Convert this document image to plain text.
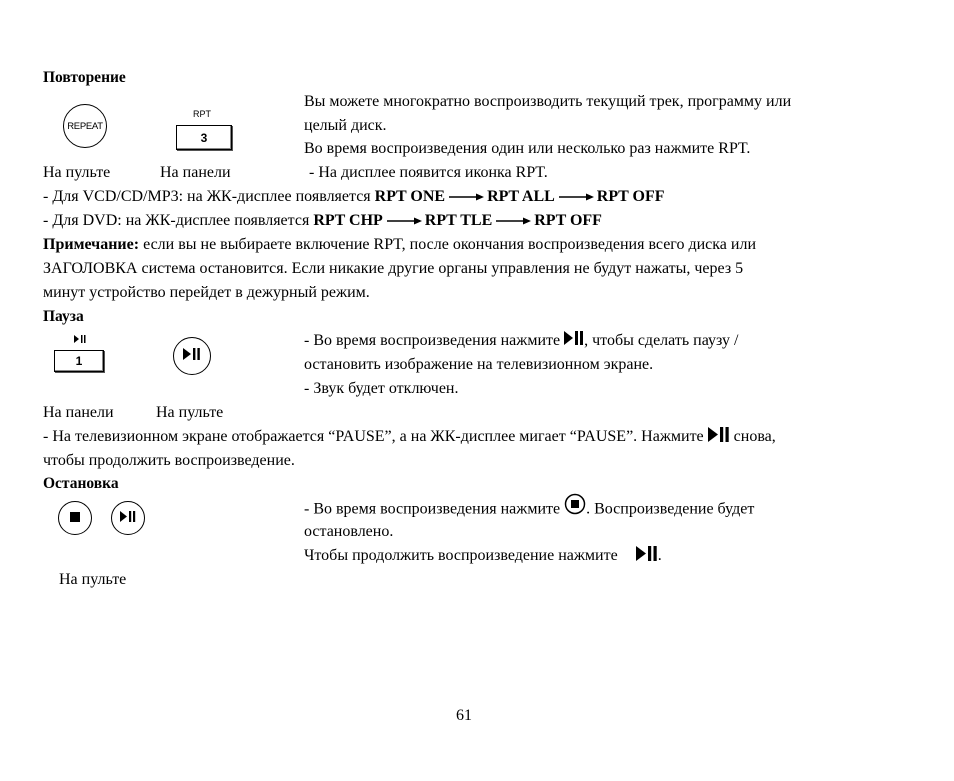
Повторение
REPEAT
RPT
3
Вы можете многократно воспроизводить текущий трек, программу или
целый диск.
Во время воспроизведения один или несколько раз нажмите RPT.
На пульте	На панели	- На дисплее появится иконка RPT.
- Для VCD/CD/MP3: на ЖК-дисплее появляется RPT ONE	RPT ALL	RPT OFF
- Для DVD: на ЖК-дисплее появляется RPT CHP	RPT TLE	RPT OFF
Примечание: если вы не выбираете включение RPT, после окончания воспроизведения всего диска или
ЗАГОЛОВКА система остановится. Если никакие другие органы управления не будут нажаты, через 5
минут устройство перейдет в дежурный режим.
Пауза
1
- Во время воспроизведения нажмите , чтобы сделать паузу /
остановить изображение на телевизионном экране.
- Звук будет отключен.
На панели	На пульте
- На телевизионном экране отображается “PAUSE”, а на ЖК-дисплее мигает “PAUSE”. Нажмите  снова,
чтобы продолжить воспроизведение.
Остановка
- Во время воспроизведения нажмите . Воспроизведение будет
остановлено.
Чтобы продолжить воспроизведение нажмите .
На пульте
61
